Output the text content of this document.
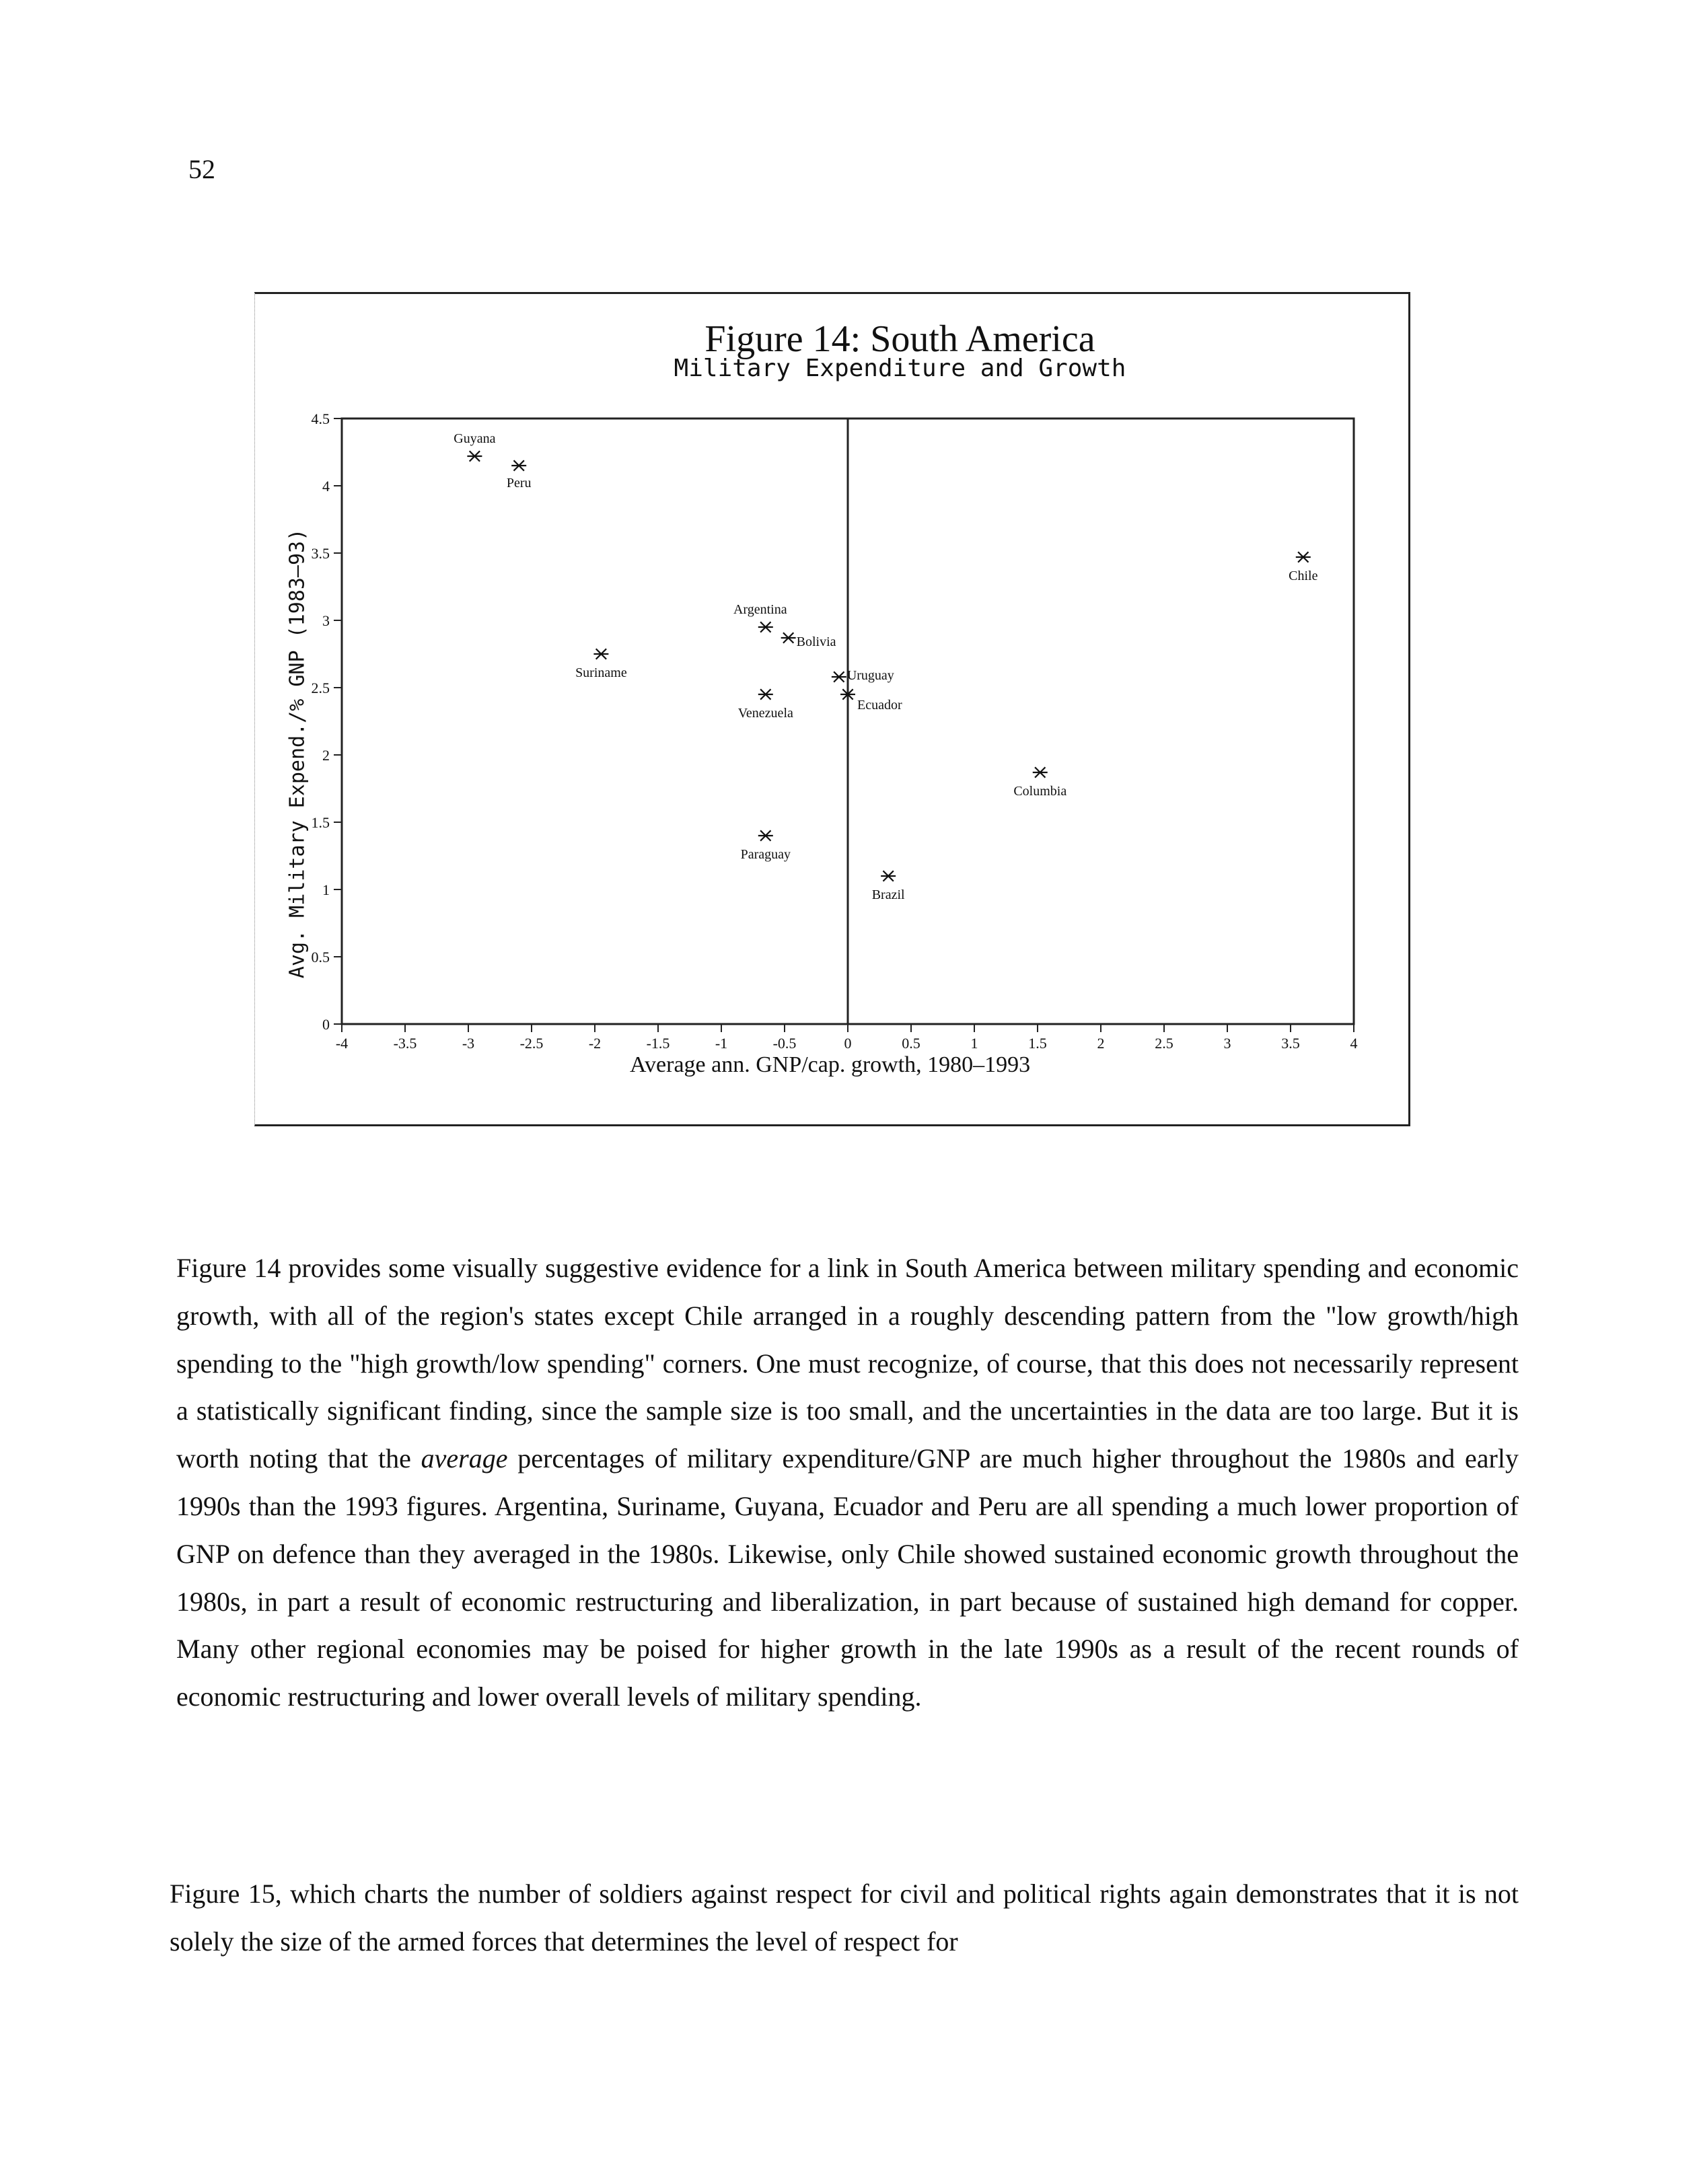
52
Figure 14: South America
Military Expenditure and Growth
Avg. Military Expend./% GNP (1983–93)
Average ann. GNP/cap. growth, 1980–1993
-4	-3.5	-3	-2.5	-2	-1.5	-1	-0.5	0	0.5	1	1.5	2	2.5	3	3.5	4
0
0.5
1
1.5
2
2.5
3
3.5
4
4.5
Guyana
Peru
Suriname
Argentina
Bolivia
Venezuela
Uruguay
Ecuador
Columbia
Paraguay
Brazil
Chile

Figure 14 provides some visually suggestive evidence for a link in South America between military spending and economic growth, with all of the region's states except Chile arranged in a roughly descending pattern from the "low growth/high spending to the "high growth/low spending" corners. One must recognize, of course, that this does not necessarily represent a statistically significant finding, since the sample size is too small, and the uncertainties in the data are too large. But it is worth noting that the average percentages of military expenditure/GNP are much higher throughout the 1980s and early 1990s than the 1993 figures. Argentina, Suriname, Guyana, Ecuador and Peru are all spending a much lower proportion of GNP on defence than they averaged in the 1980s. Likewise, only Chile showed sustained economic growth throughout the 1980s, in part a result of economic restructuring and liberalization, in part because of sustained high demand for copper. Many other regional economies may be poised for higher growth in the late 1990s as a result of the recent rounds of economic restructuring and lower overall levels of military spending.

Figure 15, which charts the number of soldiers against respect for civil and political rights again demonstrates that it is not solely the size of the armed forces that determines the level of respect for
